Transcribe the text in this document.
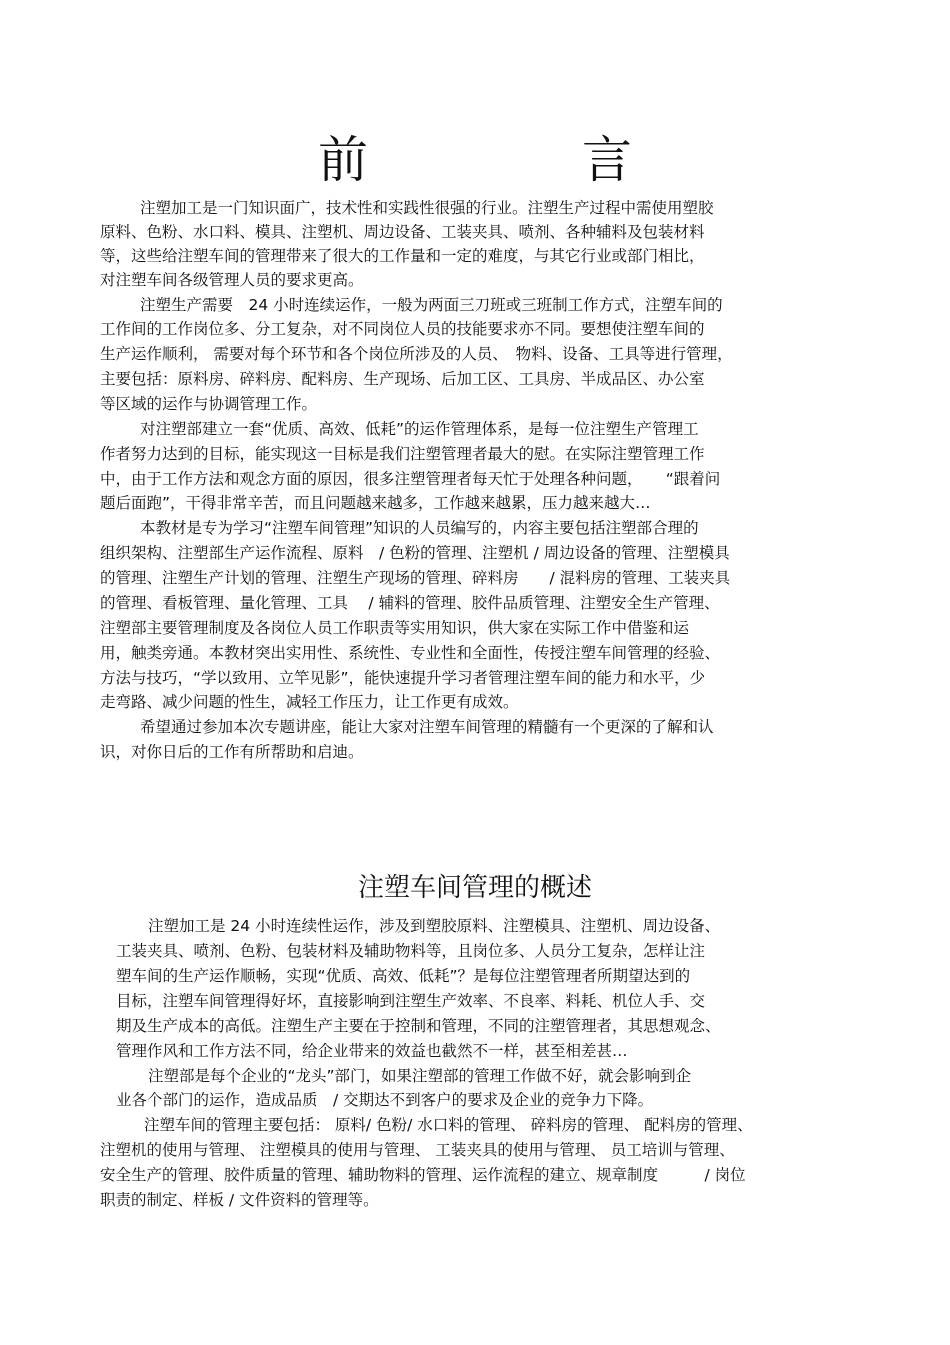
前　言
注塑加工是一门知识面广，技术性和实践性很强的行业。注塑生产过程中需使用塑胶
原料、色粉、水口料、模具、注塑机、周边设备、工装夹具、喷剂、各种辅料及包装材料
等，这些给注塑车间的管理带来了很大的工作量和一定的难度，与其它行业或部门相比，
对注塑车间各级管理人员的要求更高。
注塑生产需要　24 小时连续运作，一般为两面三刀班或三班制工作方式，注塑车间的
工作间的工作岗位多、分工复杂，对不同岗位人员的技能要求亦不同。要想使注塑车间的
生产运作顺利， 需要对每个环节和各个岗位所涉及的人员、　物料、设备、工具等进行管理，
主要包括：原料房、碎料房、配料房、生产现场、后加工区、工具房、半成品区、办公室
等区域的运作与协调管理工作。
对注塑部建立一套“优质、高效、低耗”的运作管理体系，是每一位注塑生产管理工
作者努力达到的目标，能实现这一目标是我们注塑管理者最大的慰。在实际注塑管理工作
中，由于工作方法和观念方面的原因，很多注塑管理者每天忙于处理各种问题，　　“跟着问
题后面跑”，干得非常辛苦，而且问题越来越多，工作越来越累，压力越来越大…
本教材是专为学习“注塑车间管理”知识的人员编写的，内容主要包括注塑部合理的
组织架构、注塑部生产运作流程、原料　/ 色粉的管理、注塑机 / 周边设备的管理、注塑模具
的管理、注塑生产计划的管理、注塑生产现场的管理、碎料房　　/ 混料房的管理、工装夹具
的管理、看板管理、量化管理、工具　 / 辅料的管理、胶件品质管理、注塑安全生产管理、
注塑部主要管理制度及各岗位人员工作职责等实用知识，供大家在实际工作中借鉴和运
用，触类旁通。本教材突出实用性、系统性、专业性和全面性，传授注塑车间管理的经验、
方法与技巧，“学以致用、立竿见影”，能快速提升学习者管理注塑车间的能力和水平，少
走弯路、减少问题的性生，减轻工作压力，让工作更有成效。
希望通过参加本次专题讲座，能让大家对注塑车间管理的精髓有一个更深的了解和认
识，对你日后的工作有所帮助和启迪。
注塑车间管理的概述
注塑加工是 24 小时连续性运作，涉及到塑胶原料、注塑模具、注塑机、周边设备、
工装夹具、喷剂、色粉、包装材料及辅助物料等，且岗位多、人员分工复杂，怎样让注
塑车间的生产运作顺畅，实现“优质、高效、低耗”？是每位注塑管理者所期望达到的
目标，注塑车间管理得好坏，直接影响到注塑生产效率、不良率、料耗、机位人手、交
期及生产成本的高低。注塑生产主要在于控制和管理，不同的注塑管理者，其思想观念、
管理作风和工作方法不同，给企业带来的效益也截然不一样，甚至相差甚…
注塑部是每个企业的“龙头”部门，如果注塑部的管理工作做不好，就会影响到企
业各个部门的运作，造成品质　/ 交期达不到客户的要求及企业的竞争力下降。
注塑车间的管理主要包括： 原料/ 色粉/ 水口料的管理、 碎料房的管理、 配料房的管理、
注塑机的使用与管理、 注塑模具的使用与管理、 工装夹具的使用与管理、 员工培训与管理、
安全生产的管理、胶件质量的管理、辅助物料的管理、运作流程的建立、规章制度　　　/ 岗位
职责的制定、样板 / 文件资料的管理等。
